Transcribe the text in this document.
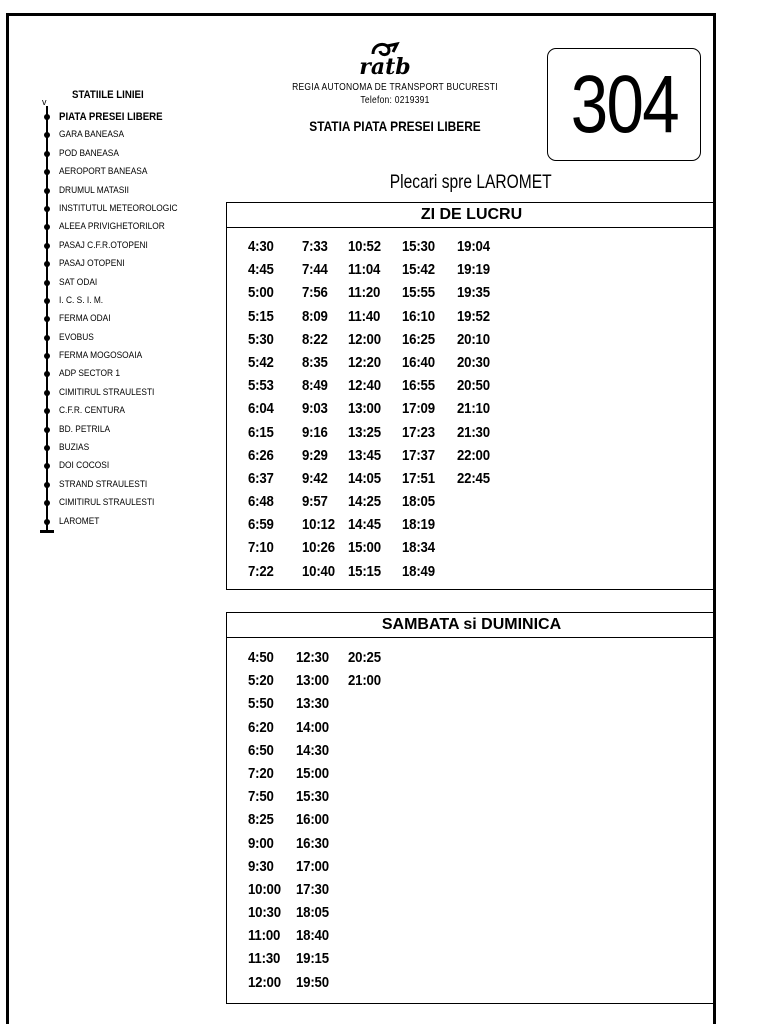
STATIILE LINIEI
v
PIATA PRESEI LIBERE
GARA BANEASA
POD BANEASA
AEROPORT BANEASA
DRUMUL MATASII
INSTITUTUL METEOROLOGIC
ALEEA PRIVIGHETORILOR
PASAJ C.F.R.OTOPENI
PASAJ OTOPENI
SAT ODAI
I. C. S. I. M.
FERMA ODAI
EVOBUS
FERMA MOGOSOAIA
ADP SECTOR 1
CIMITIRUL STRAULESTI
C.F.R. CENTURA
BD. PETRILA
BUZIAS
DOI COCOSI
STRAND STRAULESTI
CIMITIRUL STRAULESTI
LAROMET
ratb
REGIA AUTONOMA DE TRANSPORT BUCURESTI
Telefon: 0219391
STATIA PIATA PRESEI LIBERE	304
Plecari spre LAROMET
ZI DE LUCRU
4:30	7:33	10:52	15:30	19:04
4:45	7:44	11:04	15:42	19:19
5:00	7:56	11:20	15:55	19:35
5:15	8:09	11:40	16:10	19:52
5:30	8:22	12:00	16:25	20:10
5:42	8:35	12:20	16:40	20:30
5:53	8:49	12:40	16:55	20:50
6:04	9:03	13:00	17:09	21:10
6:15	9:16	13:25	17:23	21:30
6:26	9:29	13:45	17:37	22:00
6:37	9:42	14:05	17:51	22:45
6:48	9:57	14:25	18:05
6:59	10:12 14:45	18:19
7:10	10:26 15:00	18:34
7:22	10:40 15:15	18:49
SAMBATA si DUMINICA
4:50	12:30	20:25
5:20	13:00	21:00
5:50	13:30
6:20	14:00
6:50	14:30
7:20	15:00
7:50	15:30
8:25	16:00
9:00	16:30
9:30	17:00
10:00	17:30
10:30	18:05
11:00	18:40
11:30	19:15
12:00	19:50
